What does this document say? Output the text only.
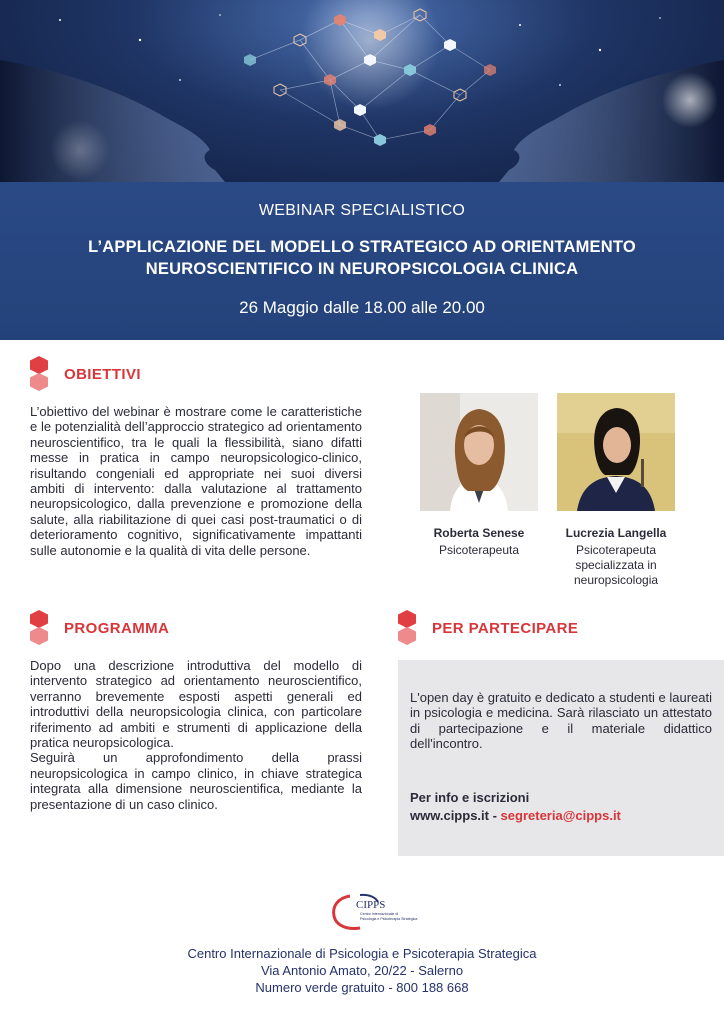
WEBINAR SPECIALISTICO
L’APPLICAZIONE DEL MODELLO STRATEGICO AD ORIENTAMENTO
NEUROSCIENTIFICO IN NEUROPSICOLOGIA CLINICA
26 Maggio dalle 18.00 alle 20.00
OBIETTIVI
L’obiettivo del webinar è mostrare come le caratteristiche e le potenzialità dell’approccio strategico ad orientamento neuroscientifico, tra le quali la flessibilità, siano difatti messe in pratica in campo neuropsicologico-clinico, risultando congeniali ed appropriate nei suoi diversi ambiti di intervento: dalla valutazione al trattamento neuropsicologico, dalla prevenzione e promozione della salute, alla riabilitazione di quei casi post-traumatici o di deterioramento cognitivo, significativamente impattanti sulle autonomie e la qualità di vita delle persone.
Roberta Senese
Psicoterapeuta
Lucrezia Langella
Psicoterapeuta
specializzata in
neuropsicologia
PROGRAMMA
Dopo una descrizione introduttiva del modello di intervento strategico ad orientamento neuroscientifico, verranno brevemente esposti aspetti generali ed introduttivi della neuropsicologia clinica, con particolare riferimento ad ambiti e strumenti di applicazione della pratica neuropsicologica.
Seguirà un approfondimento della prassi neuropsicologica in campo clinico, in chiave strategica integrata alla dimensione neuroscientifica, mediante la presentazione di un caso clinico.
PER PARTECIPARE
L'open day è gratuito e dedicato a studenti e laureati in psicologia e medicina. Sarà rilasciato un attestato di partecipazione e il materiale didattico dell'incontro.
Per info e iscrizioni
www.cipps.it - segreteria@cipps.it
CIPPS
Centro Internazionale di
Psicologia e Psicoterapia Strategica
Centro Internazionale di Psicologia e Psicoterapia Strategica
Via Antonio Amato, 20/22 - Salerno
Numero verde gratuito - 800 188 668
